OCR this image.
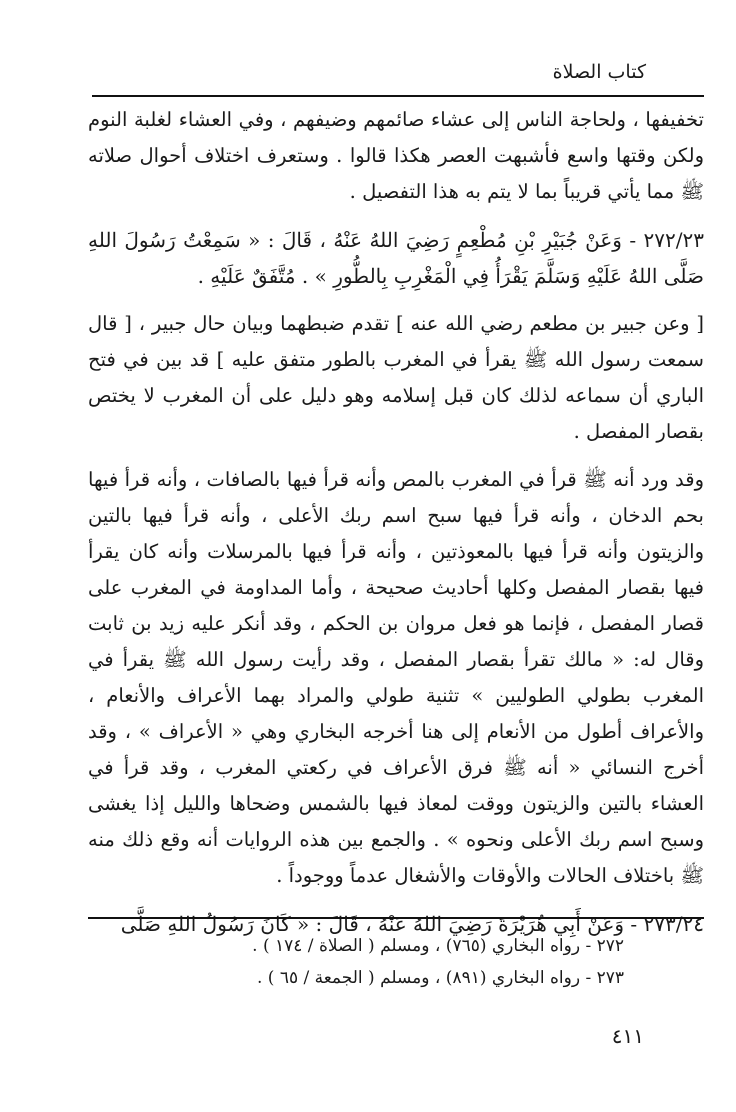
كتاب الصلاة

تخفيفها ، ولحاجة الناس إلى عشاء صائمهم وضيفهم ، وفي العشاء لغلبة النوم ولكن وقتها واسع فأشبهت العصر هكذا قالوا . وستعرف اختلاف أحوال صلاته ﷺ مما يأتي قريباً بما لا يتم به هذا التفصيل .

٢٧٢/٢٣ - وَعَنْ جُبَيْرِ بْنِ مُطْعِمٍ رَضِيَ اللهُ عَنْهُ ، قَالَ : « سَمِعْتُ رَسُولَ اللهِ صَلَّى اللهُ عَلَيْهِ وَسَلَّمَ يَقْرَأُ فِي الْمَغْرِبِ بِالطُّورِ » . مُتَّفَقٌ عَلَيْهِ .

[ وعن جبير بن مطعم رضي الله عنه ] تقدم ضبطهما وبيان حال جبير ، [ قال سمعت رسول الله ﷺ يقرأ في المغرب بالطور متفق عليه ] قد بين في فتح الباري أن سماعه لذلك كان قبل إسلامه وهو دليل على أن المغرب لا يختص بقصار المفصل .

وقد ورد أنه ﷺ قرأ في المغرب بالمص وأنه قرأ فيها بالصافات ، وأنه قرأ فيها بحم الدخان ، وأنه قرأ فيها سبح اسم ربك الأعلى ، وأنه قرأ فيها بالتين والزيتون وأنه قرأ فيها بالمعوذتين ، وأنه قرأ فيها بالمرسلات وأنه كان يقرأ فيها بقصار المفصل وكلها أحاديث صحيحة ، وأما المداومة في المغرب على قصار المفصل ، فإنما هو فعل مروان بن الحكم ، وقد أنكر عليه زيد بن ثابت وقال له: « مالك تقرأ بقصار المفصل ، وقد رأيت رسول الله ﷺ يقرأ في المغرب بطولي الطوليين » تثنية طولي والمراد بهما الأعراف والأنعام ، والأعراف أطول من الأنعام إلى هنا أخرجه البخاري وهي « الأعراف » ، وقد أخرج النسائي « أنه ﷺ فرق الأعراف في ركعتي المغرب ، وقد قرأ في العشاء بالتين والزيتون ووقت لمعاذ فيها بالشمس وضحاها والليل إذا يغشى وسبح اسم ربك الأعلى ونحوه » . والجمع بين هذه الروايات أنه وقع ذلك منه ﷺ باختلاف الحالات والأوقات والأشغال عدماً ووجوداً .

٢٧٣/٢٤ - وَعَنْ أَبِي هُرَيْرَةَ رَضِيَ اللهُ عَنْهُ ، قَالَ : « كَانَ رَسُولُ اللهِ صَلَّى

٢٧٢ - رواه البخاري (٧٦٥) ، ومسلم ( الصلاة / ١٧٤ ) .

٢٧٣ - رواه البخاري (٨٩١) ، ومسلم ( الجمعة / ٦٥ ) .

٤١١
